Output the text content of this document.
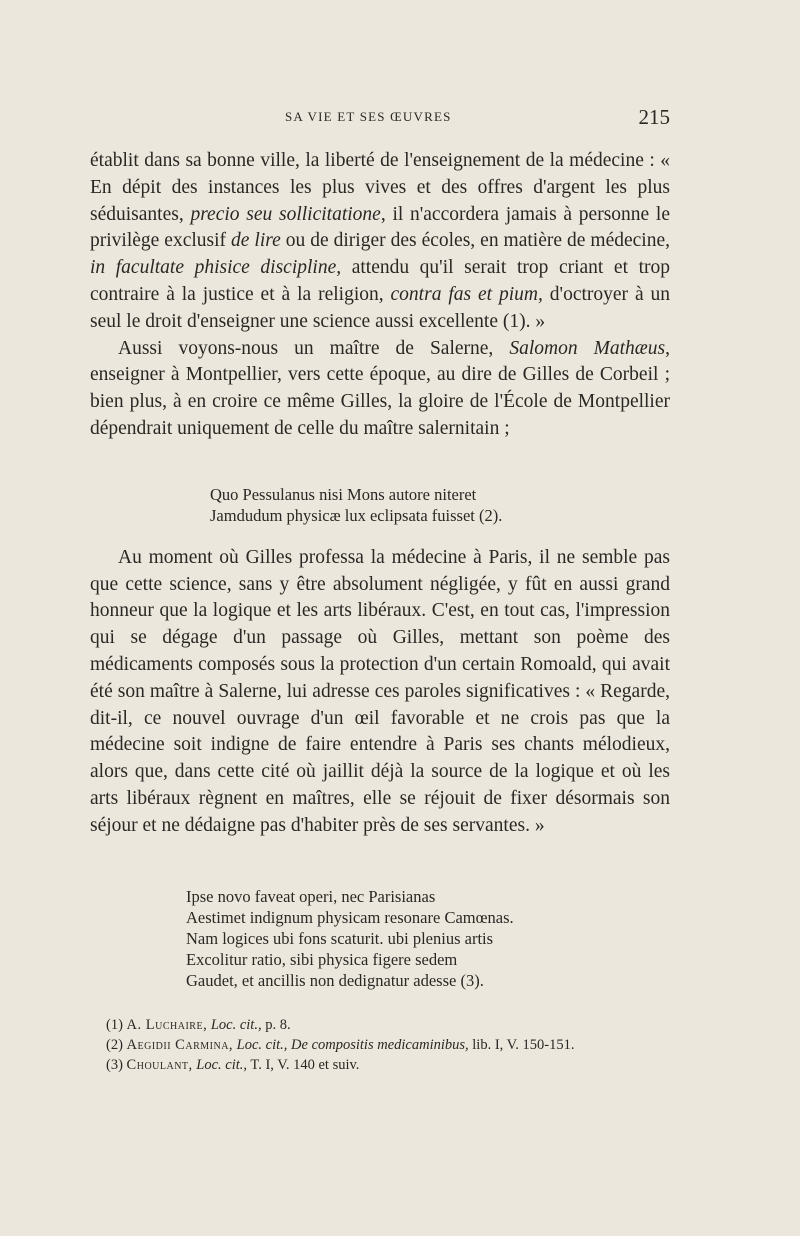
SA VIE ET SES ŒUVRES	215

établit dans sa bonne ville, la liberté de l'enseignement de la médecine : « En dépit des instances les plus vives et des offres d'argent les plus séduisantes, precio seu sollicitatione, il n'accordera jamais à personne le privilège exclusif de lire ou de diriger des écoles, en matière de médecine, in facultate phisice discipline, attendu qu'il serait trop criant et trop contraire à la justice et à la religion, contra fas et pium, d'octroyer à un seul le droit d'enseigner une science aussi excellente (1). »

Aussi voyons-nous un maître de Salerne, Salomon Mathæus, enseigner à Montpellier, vers cette époque, au dire de Gilles de Corbeil ; bien plus, à en croire ce même Gilles, la gloire de l'École de Montpellier dépendrait uniquement de celle du maître salernitain ;

Au moment où Gilles professa la médecine à Paris, il ne semble pas que cette science, sans y être absolument négligée, y fût en aussi grand honneur que la logique et les arts libéraux. C'est, en tout cas, l'impression qui se dégage d'un passage où Gilles, mettant son poème des médicaments composés sous la protection d'un certain Romoald, qui avait été son maître à Salerne, lui adresse ces paroles significatives : « Regarde, dit-il, ce nouvel ouvrage d'un œil favorable et ne crois pas que la médecine soit indigne de faire entendre à Paris ses chants mélodieux, alors que, dans cette cité où jaillit déjà la source de la logique et où les arts libéraux règnent en maîtres, elle se réjouit de fixer désormais son séjour et ne dédaigne pas d'habiter près de ses servantes. »

Quo Pessulanus nisi Mons autore niteret
Jamdudum physicæ lux eclipsata fuisset (2).
Ipse novo faveat operi, nec Parisianas
Aestimet indignum physicam resonare Camœnas.
Nam logices ubi fons scaturit. ubi plenius artis
Excolitur ratio, sibi physica figere sedem
Gaudet, et ancillis non dedignatur adesse (3).

(1) A. Luchaire, Loc. cit., p. 8.

(2) Aegidii Carmina, Loc. cit., De compositis medicaminibus, lib. I, V. 150-151.

(3) Choulant, Loc. cit., T. I, V. 140 et suiv.
